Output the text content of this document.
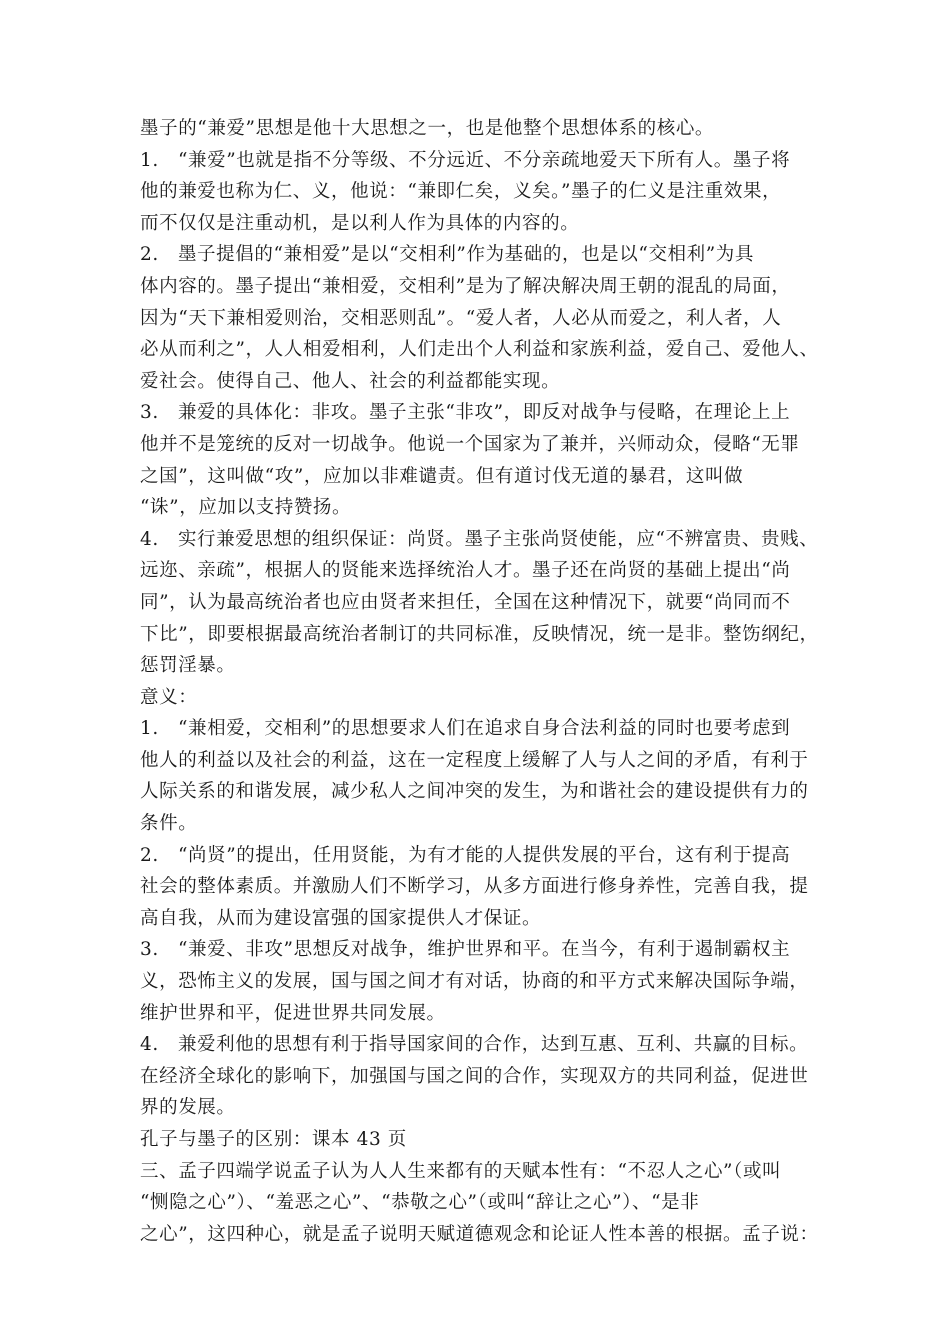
墨子的“兼爱”思想是他十大思想之一，也是他整个思想体系的核心。
1.　“兼爱”也就是指不分等级、不分远近、不分亲疏地爱天下所有人。墨子将
他的兼爱也称为仁、义，他说：“兼即仁矣，义矣。”墨子的仁义是注重效果，
而不仅仅是注重动机，是以利人作为具体的内容的。
2.　墨子提倡的“兼相爱”是以“交相利”作为基础的，也是以“交相利”为具
体内容的。墨子提出“兼相爱，交相利”是为了解决解决周王朝的混乱的局面，
因为“天下兼相爱则治，交相恶则乱”。“爱人者，人必从而爱之，利人者，人
必从而利之”，人人相爱相利，人们走出个人利益和家族利益，爱自己、爱他人、
爱社会。使得自己、他人、社会的利益都能实现。
3.　兼爱的具体化：非攻。墨子主张“非攻”，即反对战争与侵略，在理论上上
他并不是笼统的反对一切战争。他说一个国家为了兼并，兴师动众，侵略“无罪
之国”，这叫做“攻”，应加以非难谴责。但有道讨伐无道的暴君，这叫做
“诛”，应加以支持赞扬。
4.　实行兼爱思想的组织保证：尚贤。墨子主张尚贤使能，应“不辨富贵、贵贱、
远迩、亲疏”，根据人的贤能来选择统治人才。墨子还在尚贤的基础上提出“尚
同”，认为最高统治者也应由贤者来担任，全国在这种情况下，就要“尚同而不
下比”，即要根据最高统治者制订的共同标准，反映情况，统一是非。整饬纲纪，
惩罚淫暴。
意义：
1.　“兼相爱，交相利”的思想要求人们在追求自身合法利益的同时也要考虑到
他人的利益以及社会的利益，这在一定程度上缓解了人与人之间的矛盾，有利于
人际关系的和谐发展，减少私人之间冲突的发生，为和谐社会的建设提供有力的
条件。
2.　“尚贤”的提出，任用贤能，为有才能的人提供发展的平台，这有利于提高
社会的整体素质。并激励人们不断学习，从多方面进行修身养性，完善自我，提
高自我，从而为建设富强的国家提供人才保证。
3.　“兼爱、非攻”思想反对战争，维护世界和平。在当今，有利于遏制霸权主
义，恐怖主义的发展，国与国之间才有对话，协商的和平方式来解决国际争端，
维护世界和平，促进世界共同发展。
4.　兼爱利他的思想有利于指导国家间的合作，达到互惠、互利、共赢的目标。
在经济全球化的影响下，加强国与国之间的合作，实现双方的共同利益，促进世
界的发展。
孔子与墨子的区别：课本 43 页
三、孟子四端学说孟子认为人人生来都有的天赋本性有：“不忍人之心”（或叫
“恻隐之心”）、“羞恶之心”、“恭敬之心”（或叫“辞让之心”）、“是非
之心”，这四种心，就是孟子说明天赋道德观念和论证人性本善的根据。孟子说：
